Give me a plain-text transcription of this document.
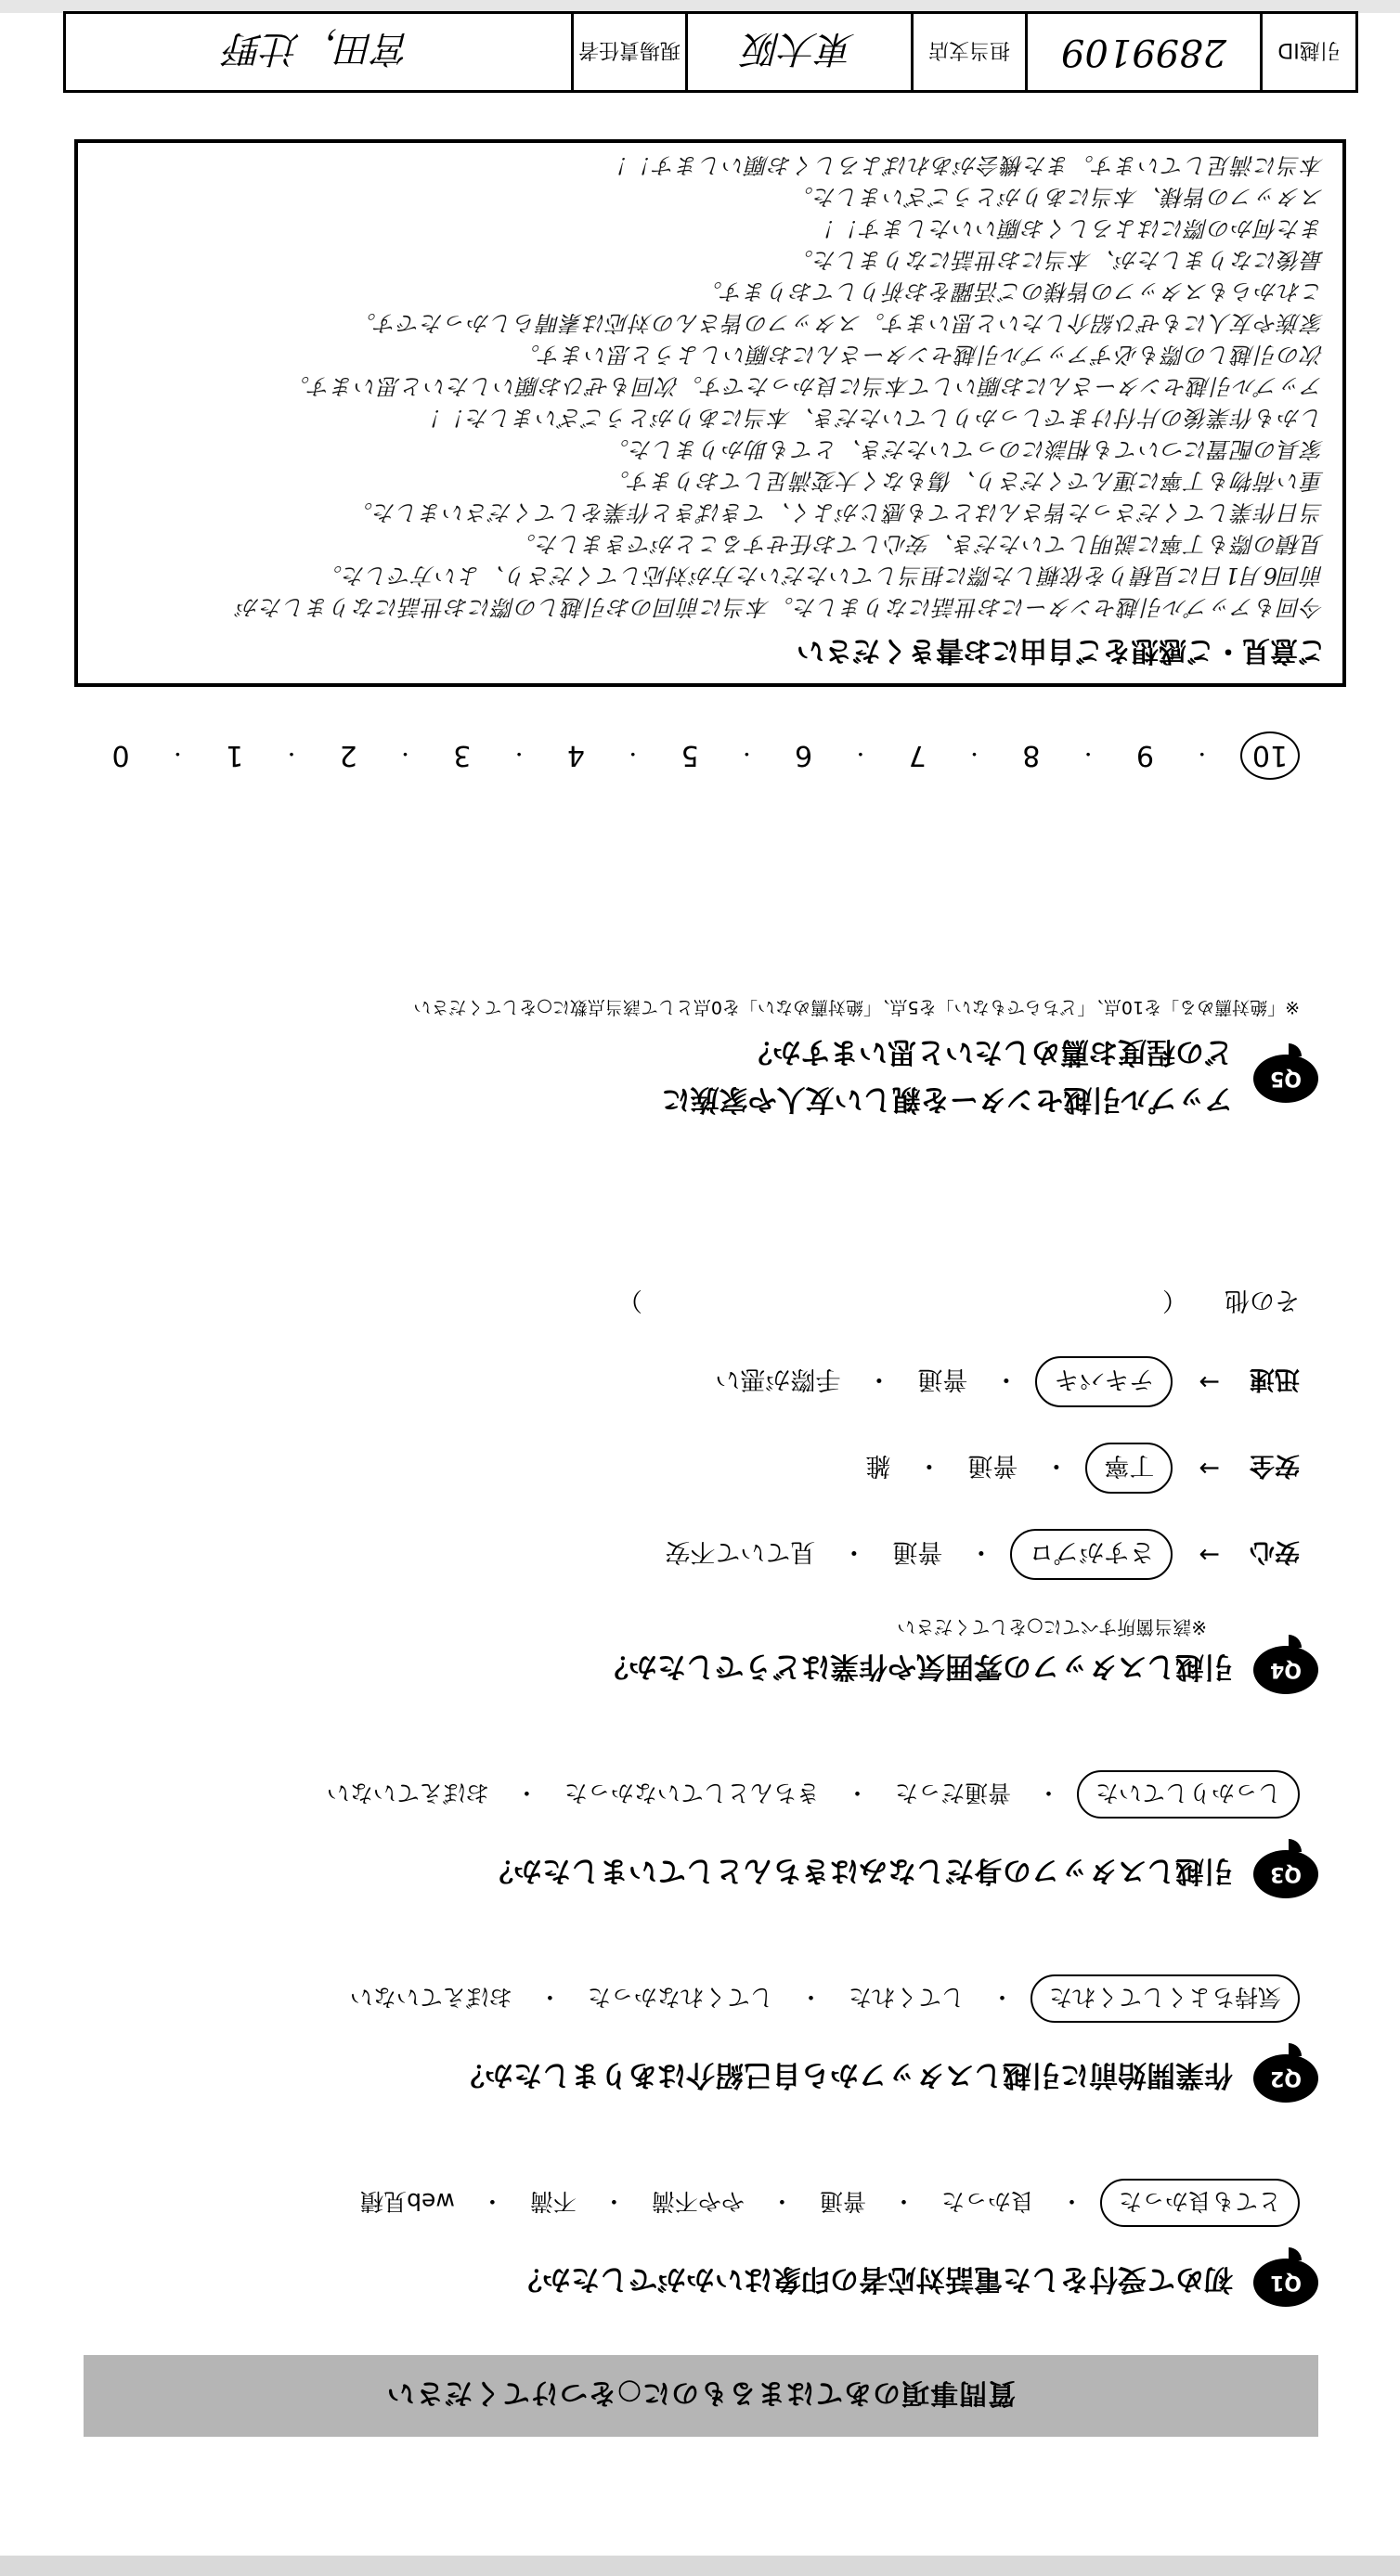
質問事項のあてはまるものに○をつけてください
Q1
初めて受付をした電話対応者の印象はいかがでしたか？
とても良かった
・
良かった
・
普通
・
やや不満
・
不満
・
web見積
Q2
作業開始前に引越しスタッフから自己紹介はありましたか？
気持ちよくしてくれた
・
してくれた
・
してくれなかった
・
おぼえていない
Q3
引越しスタッフの身だしなみはきちんとしていましたか？
しっかりしていた
・
普通だった
・
きちんとしていなかった
・
おぼえていない
Q4
引越しスタッフの雰囲気や作業はどうでしたか？
※該当箇所すべてに○をしてください
安心
→
さすがプロ
・
普通
・
見ていて不安
安全
→
丁寧
・
普通
・
雑
迅速
→
テキパキ
・
普通
・
手際が悪い
その他
（
）
Q5
アップル引越センターを親しい友人や家族に
どの程度お薦めしたいと思いますか？
※「絶対薦める」を10点、「どちらでもない」を5点、「絶対薦めない」を0点として該当点数に○をしてください
10
・
9
・
8
・
7
・
6
・
5
・
4
・
3
・
2
・
1
・
0
ご意見・ご感想をご自由にお書きください
今回もアップル引越センターにお世話になりました。本当に前回のお引越しの際にお世話になりましたが
前回6月1日に見積りを依頼した際に担当していただいた方が対応してくださり、よい方でした。
見積の際も丁寧に説明していただき、安心してお任せすることができました。
当日作業してくださった皆さんはとても感じがよく、てきぱきと作業をしてくださいました。
重い荷物も丁寧に運んでくださり、傷もなく大変満足しております。
家具の配置についても相談にのっていただき、とても助かりました。
しかも作業後の片付けまでしっかりしていただき、本当にありがとうございました！！
アップル引越センターさんにお願いして本当に良かったです。次回もぜひお願いしたいと思います。
次の引越しの際も必ずアップル引越センターさんにお願いしようと思います。
家族や友人にもぜひ紹介したいと思います。スタッフの皆さんの対応は素晴らしかったです。
これからもスタッフの皆様のご活躍をお祈りしております。
最後になりましたが、本当にお世話になりました。
また何かの際にはよろしくお願いいたします！！
スタッフの皆様、本当にありがとうございました。
本当に満足しています。また機会があればよろしくお願いします！！
引越ID
2899109
担当支店
東大阪
現場責任者
宮田，辻野
